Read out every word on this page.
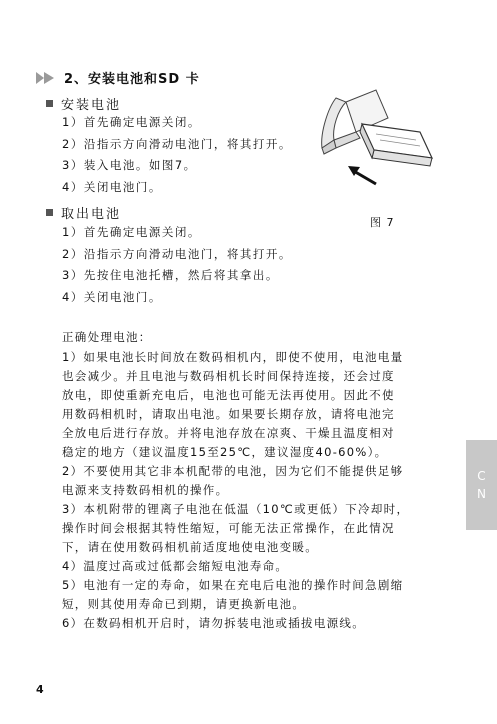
2、安装电池和SD 卡
安装电池
1）首先确定电源关闭。
2）沿指示方向滑动电池门，将其打开。
3）装入电池。如图7。
4）关闭电池门。
取出电池
1）首先确定电源关闭。
2）沿指示方向滑动电池门，将其打开。
3）先按住电池托槽，然后将其拿出。
4）关闭电池门。
图 7
正确处理电池：
1）如果电池长时间放在数码相机内，即使不使用，电池电量
也会减少。并且电池与数码相机长时间保持连接，还会过度
放电，即使重新充电后，电池也可能无法再使用。因此不使
用数码相机时，请取出电池。如果要长期存放，请将电池完
全放电后进行存放。并将电池存放在凉爽、干燥且温度相对
稳定的地方（建议温度15至25℃，建议湿度40-60%）。
2）不要使用其它非本机配带的电池，因为它们不能提供足够
电源来支持数码相机的操作。
3）本机附带的锂离子电池在低温（10℃或更低）下冷却时，
操作时间会根据其特性缩短，可能无法正常操作，在此情况
下，请在使用数码相机前适度地使电池变暖。
4）温度过高或过低都会缩短电池寿命。
5）电池有一定的寿命，如果在充电后电池的操作时间急剧缩
短，则其使用寿命已到期，请更换新电池。
6）在数码相机开启时，请勿拆装电池或插拔电源线。
C
N
4
